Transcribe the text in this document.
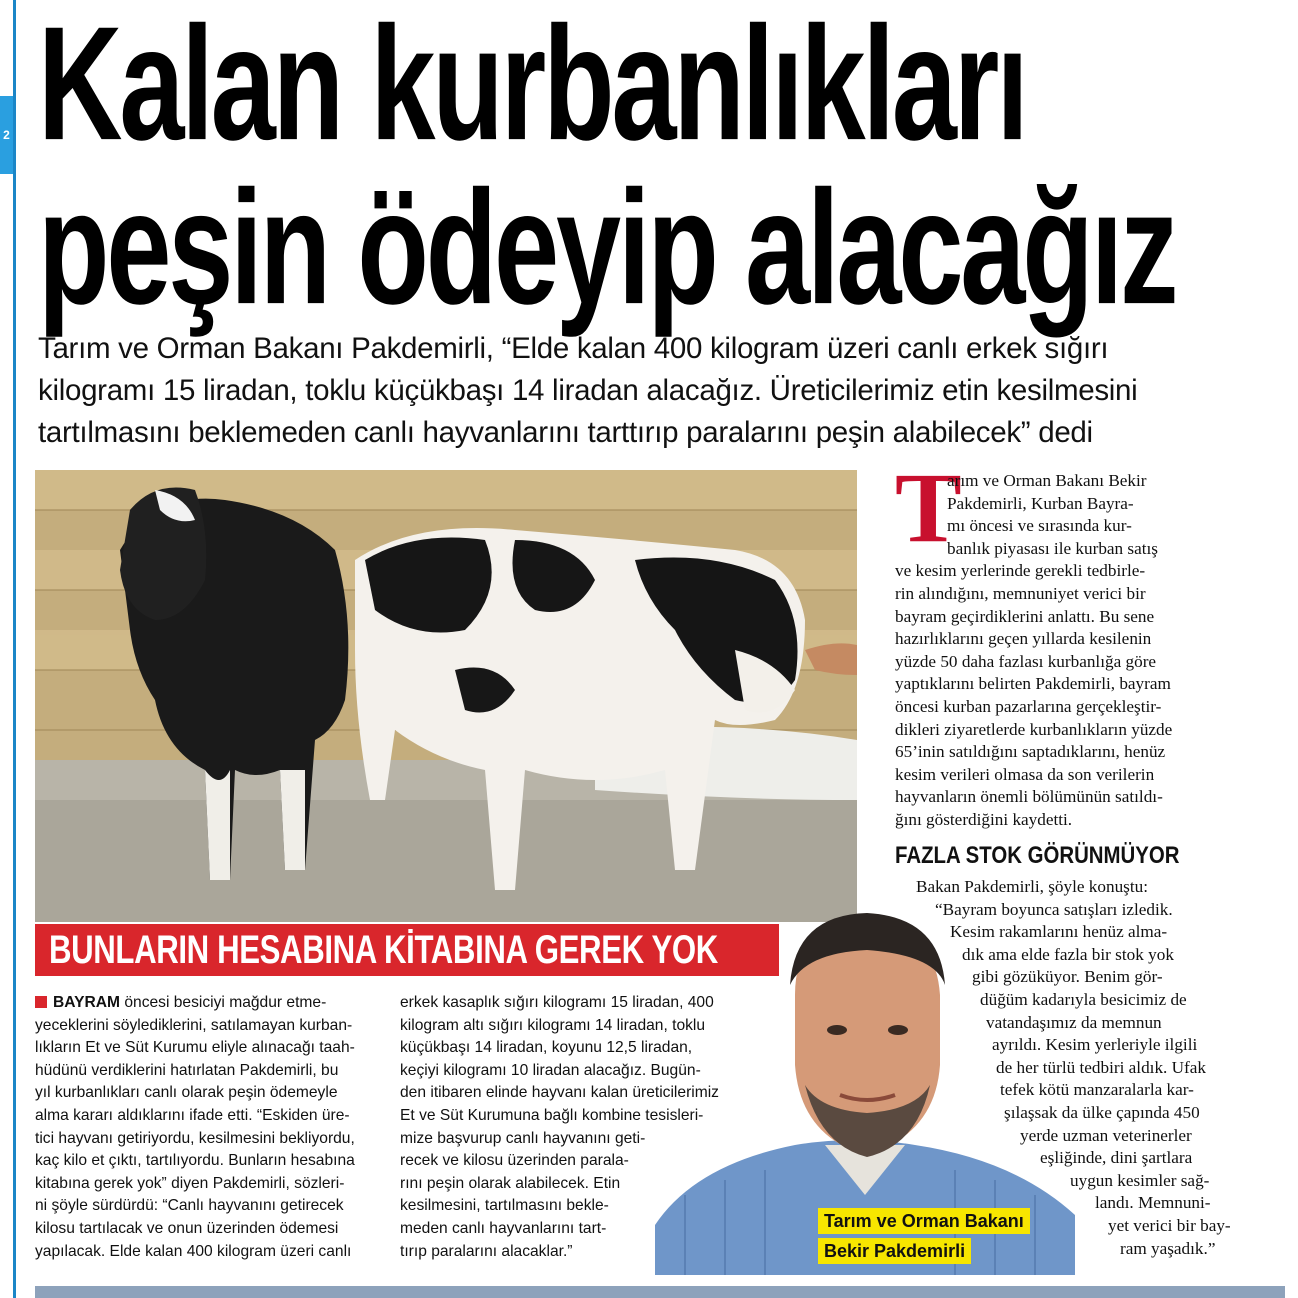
2 Kalan kurbanlıkları
peşin ödeyip alacağız
Tarım ve Orman Bakanı Pakdemirli, “Elde kalan 400 kilogram üzeri canlı erkek sığırı
kilogramı 15 liradan, toklu küçükbaşı 14 liradan alacağız. Üreticilerimiz etin kesilmesini
tartılmasını beklemeden canlı hayvanlarını tarttırıp paralarını peşin alabilecek” dedi
BUNLARIN HESABINA KİTABINA GEREK YOK
BAYRAM öncesi besiciyi mağdur etme-
yeceklerini söylediklerini, satılamayan kurban-
lıkların Et ve Süt Kurumu eliyle alınacağı taah-
hüdünü verdiklerini hatırlatan Pakdemirli, bu
yıl kurbanlıkları canlı olarak peşin ödemeyle
alma kararı aldıklarını ifade etti. “Eskiden üre-
tici hayvanı getiriyordu, kesilmesini bekliyordu,
kaç kilo et çıktı, tartılıyordu. Bunların hesabına
kitabına gerek yok” diyen Pakdemirli, sözleri-
ni şöyle sürdürdü: “Canlı hayvanını getirecek
kilosu tartılacak ve onun üzerinden ödemesi
yapılacak. Elde kalan 400 kilogram üzeri canlı
erkek kasaplık sığırı kilogramı 15 liradan, 400
kilogram altı sığırı kilogramı 14 liradan, toklu
küçükbaşı 14 liradan, koyunu 12,5 liradan,
keçiyi kilogramı 10 liradan alacağız. Bugün-
den itibaren elinde hayvanı kalan üreticilerimiz
Et ve Süt Kurumuna bağlı kombine tesisleri-
mize başvurup canlı hayvanını geti-
recek ve kilosu üzerinden parala-
rını peşin olarak alabilecek. Etin
kesilmesini, tartılmasını bekle-
meden canlı hayvanlarını tart-
tırıp paralarını alacaklar.”
T
arım ve Orman Bakanı Bekir
Pakdemirli, Kurban Bayra-
mı öncesi ve sırasında kur-
banlık piyasası ile kurban satış
ve kesim yerlerinde gerekli tedbirle-
rin alındığını, memnuniyet verici bir
bayram geçirdiklerini anlattı. Bu sene
hazırlıklarını geçen yıllarda kesilenin
yüzde 50 daha fazlası kurbanlığa göre
yaptıklarını belirten Pakdemirli, bayram
öncesi kurban pazarlarına gerçekleştir-
dikleri ziyaretlerde kurbanlıkların yüzde
65’inin satıldığını saptadıklarını, henüz
kesim verileri olmasa da son verilerin
hayvanların önemli bölümünün satıldı-
ğını gösterdiğini kaydetti.
FAZLA STOK GÖRÜNMÜYOR
Bakan Pakdemirli, şöyle konuştu:
“Bayram boyunca satışları izledik.
Kesim rakamlarını henüz alma-
dık ama elde fazla bir stok yok
gibi gözüküyor. Benim gör-
düğüm kadarıyla besicimiz de
vatandaşımız da memnun
ayrıldı. Kesim yerleriyle ilgili
de her türlü tedbiri aldık. Ufak
tefek kötü manzaralarla kar-
şılaşsak da ülke çapında 450
yerde uzman veterinerler
eşliğinde, dini şartlara
uygun kesimler sağ-
landı. Memnuni-
yet verici bir bay-
ram yaşadık.”
Tarım ve Orman Bakanı
Bekir Pakdemirli
